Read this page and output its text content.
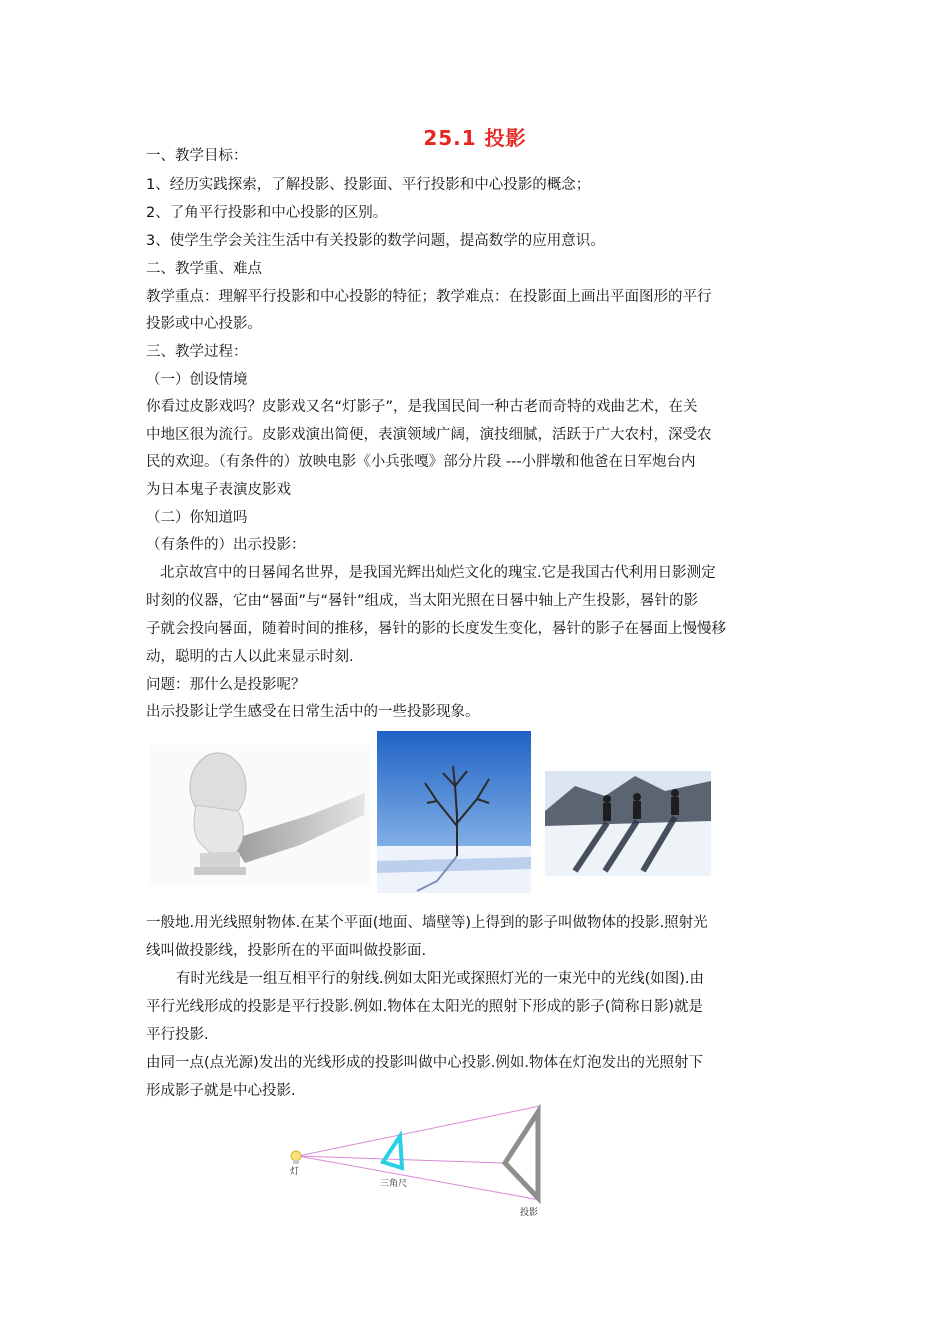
25.1 投影
一、教学目标：
1、经历实践探索，了解投影、投影面、平行投影和中心投影的概念；
2、了角平行投影和中心投影的区别。
3、使学生学会关注生活中有关投影的数学问题，提高数学的应用意识。
二、教学重、难点
教学重点：理解平行投影和中心投影的特征；教学难点：在投影面上画出平面图形的平行
投影或中心投影。
三、教学过程：
（一）创设情境
你看过皮影戏吗？皮影戏又名“灯影子”，是我国民间一种古老而奇特的戏曲艺术，在关
中地区很为流行。皮影戏演出简便，表演领域广阔，演技细腻，活跃于广大农村，深受农
民的欢迎。（有条件的）放映电影《小兵张嘎》部分片段 ---小胖墩和他爸在日军炮台内
为日本鬼子表演皮影戏
（二）你知道吗
（有条件的）出示投影：
北京故宫中的日晷闻名世界，是我国光辉出灿烂文化的瑰宝.它是我国古代利用日影测定
时刻的仪器，它由“晷面”与“晷针”组成，当太阳光照在日晷中轴上产生投影，晷针的影
子就会投向晷面，随着时间的推移，晷针的影的长度发生变化，晷针的影子在晷面上慢慢移
动，聪明的古人以此来显示时刻.
问题：那什么是投影呢？
出示投影让学生感受在日常生活中的一些投影现象。
一般地.用光线照射物体.在某个平面(地面、墙壁等)上得到的影子叫做物体的投影.照射光
线叫做投影线，投影所在的平面叫做投影面.
有时光线是一组互相平行的射线.例如太阳光或探照灯光的一束光中的光线(如图).由
平行光线形成的投影是平行投影.例如.物体在太阳光的照射下形成的影子(简称日影)就是
平行投影.
由同一点(点光源)发出的光线形成的投影叫做中心投影.例如.物体在灯泡发出的光照射下
形成影子就是中心投影.
灯
三角尺
投影
